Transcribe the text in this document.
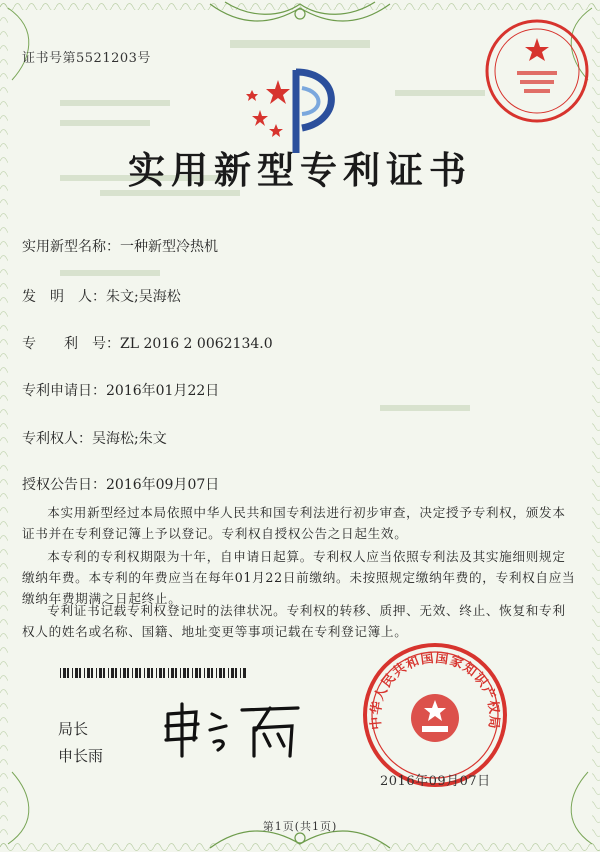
证书号第5521203号
实用新型专利证书
实用新型名称：一种新型冷热机
发　明　人：朱文;吴海松
专　　利　号：ZL 2016 2 0062134.0
专利申请日：2016年01月22日
专利权人：吴海松;朱文
授权公告日：2016年09月07日
本实用新型经过本局依照中华人民共和国专利法进行初步审查，决定授予专利权，颁发本证书并在专利登记簿上予以登记。专利权自授权公告之日起生效。
本专利的专利权期限为十年，自申请日起算。专利权人应当依照专利法及其实施细则规定缴纳年费。本专利的年费应当在每年01月22日前缴纳。未按照规定缴纳年费的，专利权自应当缴纳年费期满之日起终止。
专利证书记载专利权登记时的法律状况。专利权的转移、质押、无效、终止、恢复和专利权人的姓名或名称、国籍、地址变更等事项记载在专利登记簿上。
局长
申长雨
中华人民共和国国家知识产权局
2016年09月07日
第1页(共1页)
